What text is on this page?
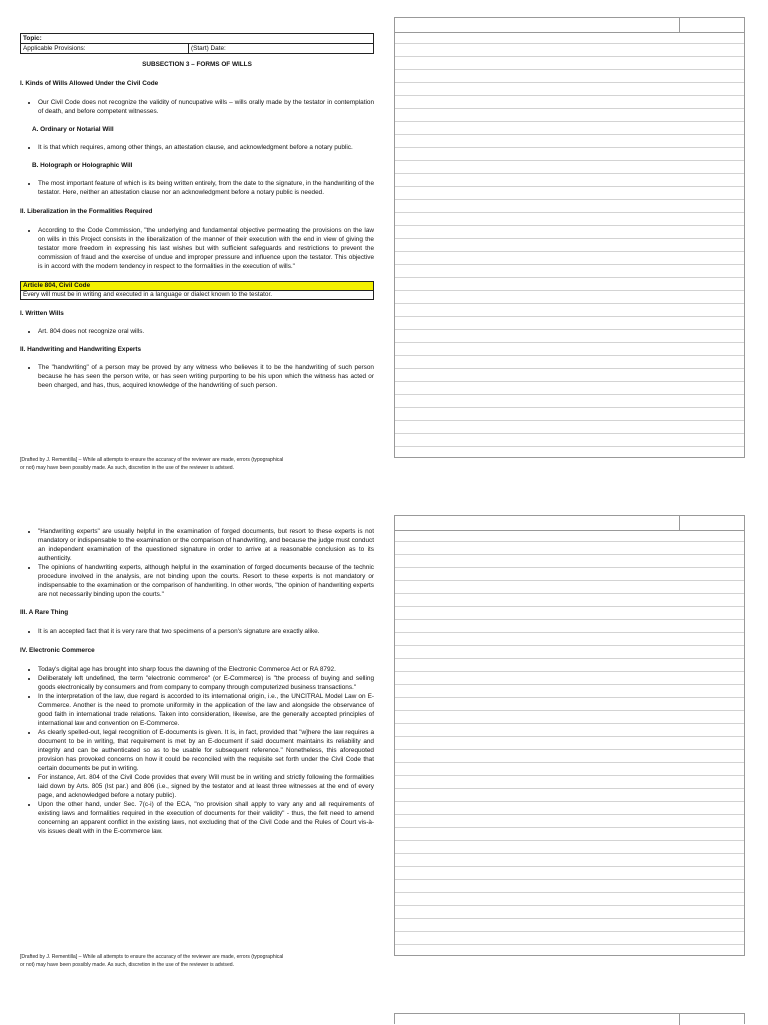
Topic:
Applicable Provisions:	(Start) Date:
SUBSECTION 3 – FORMS OF WILLS
I. Kinds of Wills Allowed Under the Civil Code
• Our Civil Code does not recognize the validity of nuncupative wills – wills orally made by the testator in contemplation of death, and before competent witnesses.
A. Ordinary or Notarial Will
• It is that which requires, among other things, an attestation clause, and acknowledgment before a notary public.
B. Holograph or Holographic Will
• The most important feature of which is its being written entirely, from the date to the signature, in the handwriting of the testator. Here, neither an attestation clause nor an acknowledgment before a notary public is needed.
II. Liberalization in the Formalities Required
• According to the Code Commission, "the underlying and fundamental objective permeating the provisions on the law on wills in this Project consists in the liberalization of the manner of their execution with the end in view of giving the testator more freedom in expressing his last wishes but with sufficient safeguards and restrictions to prevent the commission of fraud and the exercise of undue and improper pressure and influence upon the testator. This objective is in accord with the modern tendency in respect to the formalities in the execution of wills."
Article 804, Civil Code
Every will must be in writing and executed in a language or dialect known to the testator.
I. Written Wills
• Art. 804 does not recognize oral wills.
II. Handwriting and Handwriting Experts
• The "handwriting" of a person may be proved by any witness who believes it to be the handwriting of such person because he has seen the person write, or has seen writing purporting to be his upon which the witness has acted or been charged, and has, thus, acquired knowledge of the handwriting of such person.
[Drafted by J. Rementilla] – While all attempts to ensure the accuracy of the reviewer are made, errors (typographical
or not) may have been possibly made. As such, discretion in the use of the reviewer is advised.
• "Handwriting experts" are usually helpful in the examination of forged documents, but resort to these experts is not mandatory or indispensable to the examination or the comparison of handwriting, and because the judge must conduct an independent examination of the questioned signature in order to arrive at a reasonable conclusion as to its authenticity.
• The opinions of handwriting experts, although helpful in the examination of forged documents because of the technic procedure involved in the analysis, are not binding upon the courts. Resort to these experts is not mandatory or indispensable to the examination or the comparison of handwriting. In other words, "the opinion of handwriting experts are not necessarily binding upon the courts."
III. A Rare Thing
• It is an accepted fact that it is very rare that two specimens of a person's signature are exactly alike.
IV. Electronic Commerce
• Today's digital age has brought into sharp focus the dawning of the Electronic Commerce Act or RA 8792.
• Deliberately left undefined, the term "electronic commerce" (or E-Commerce) is "the process of buying and selling goods electronically by consumers and from company to company through computerized business transactions."
• In the interpretation of the law, due regard is accorded to its international origin, i.e., the UNCITRAL Model Law on E-Commerce. Another is the need to promote uniformity in the application of the law and alongside the observance of good faith in international trade relations. Taken into consideration, likewise, are the generally accepted principles of international law and convention on E-Commerce.
• As clearly spelled-out, legal recognition of E-documents is given. It is, in fact, provided that "w]here the law requires a document to be in writing, that requirement is met by an E-document if said document maintains its reliability and integrity and can be authenticated so as to be usable for subsequent reference." Nonetheless, this aforequoted provision has provoked concerns on how it could be reconciled with the requisite set forth under the Civil Code that certain documents be put in writing.
• For instance, Art. 804 of the Civil Code provides that every Will must be in writing and strictly following the formalities laid down by Arts. 805 (Ist par.) and 806 (i.e., signed by the testator and at least three witnesses at the end of every page, and acknowledged before a notary public).
• Upon the other hand, under Sec. 7(c-i) of the ECA, "no provision shall apply to vary any and all requirements of existing laws and formalities required in the execution of documents for their validity" - thus, the felt need to amend concerning an apparent conflict in the existing laws, not excluding that of the Civil Code and the Rules of Court vis-à-vis issues dealt with in the E-commerce law.
[Drafted by J. Rementilla] – While all attempts to ensure the accuracy of the reviewer are made, errors (typographical
or not) may have been possibly made. As such, discretion in the use of the reviewer is advised.
